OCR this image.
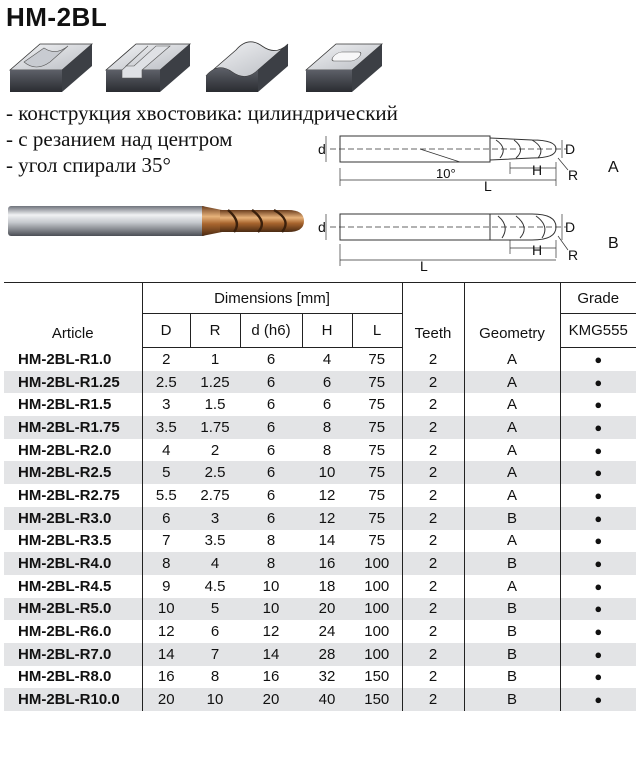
HM-2BL
- конструкция хвостовика: цилиндрический
- с резанием над центром
- угол спирали 35°
d	D
R
H
L
10°	A
d	D
R
H
L
B
Article	Dimensions [mm]					Teeth	Geometry	Grade
	D	R	d (h6)	H	L			KMG555
HM-2BL-R1.0	2	1	6	4	75	2	A	●
HM-2BL-R1.25	2.5	1.25	6	6	75	2	A	●
HM-2BL-R1.5	3	1.5	6	6	75	2	A	●
HM-2BL-R1.75	3.5	1.75	6	8	75	2	A	●
HM-2BL-R2.0	4	2	6	8	75	2	A	●
HM-2BL-R2.5	5	2.5	6	10	75	2	A	●
HM-2BL-R2.75	5.5	2.75	6	12	75	2	A	●
HM-2BL-R3.0	6	3	6	12	75	2	B	●
HM-2BL-R3.5	7	3.5	8	14	75	2	A	●
HM-2BL-R4.0	8	4	8	16	100	2	B	●
HM-2BL-R4.5	9	4.5	10	18	100	2	A	●
HM-2BL-R5.0	10	5	10	20	100	2	B	●
HM-2BL-R6.0	12	6	12	24	100	2	B	●
HM-2BL-R7.0	14	7	14	28	100	2	B	●
HM-2BL-R8.0	16	8	16	32	150	2	B	●
HM-2BL-R10.0	20	10	20	40	150	2	B	●
